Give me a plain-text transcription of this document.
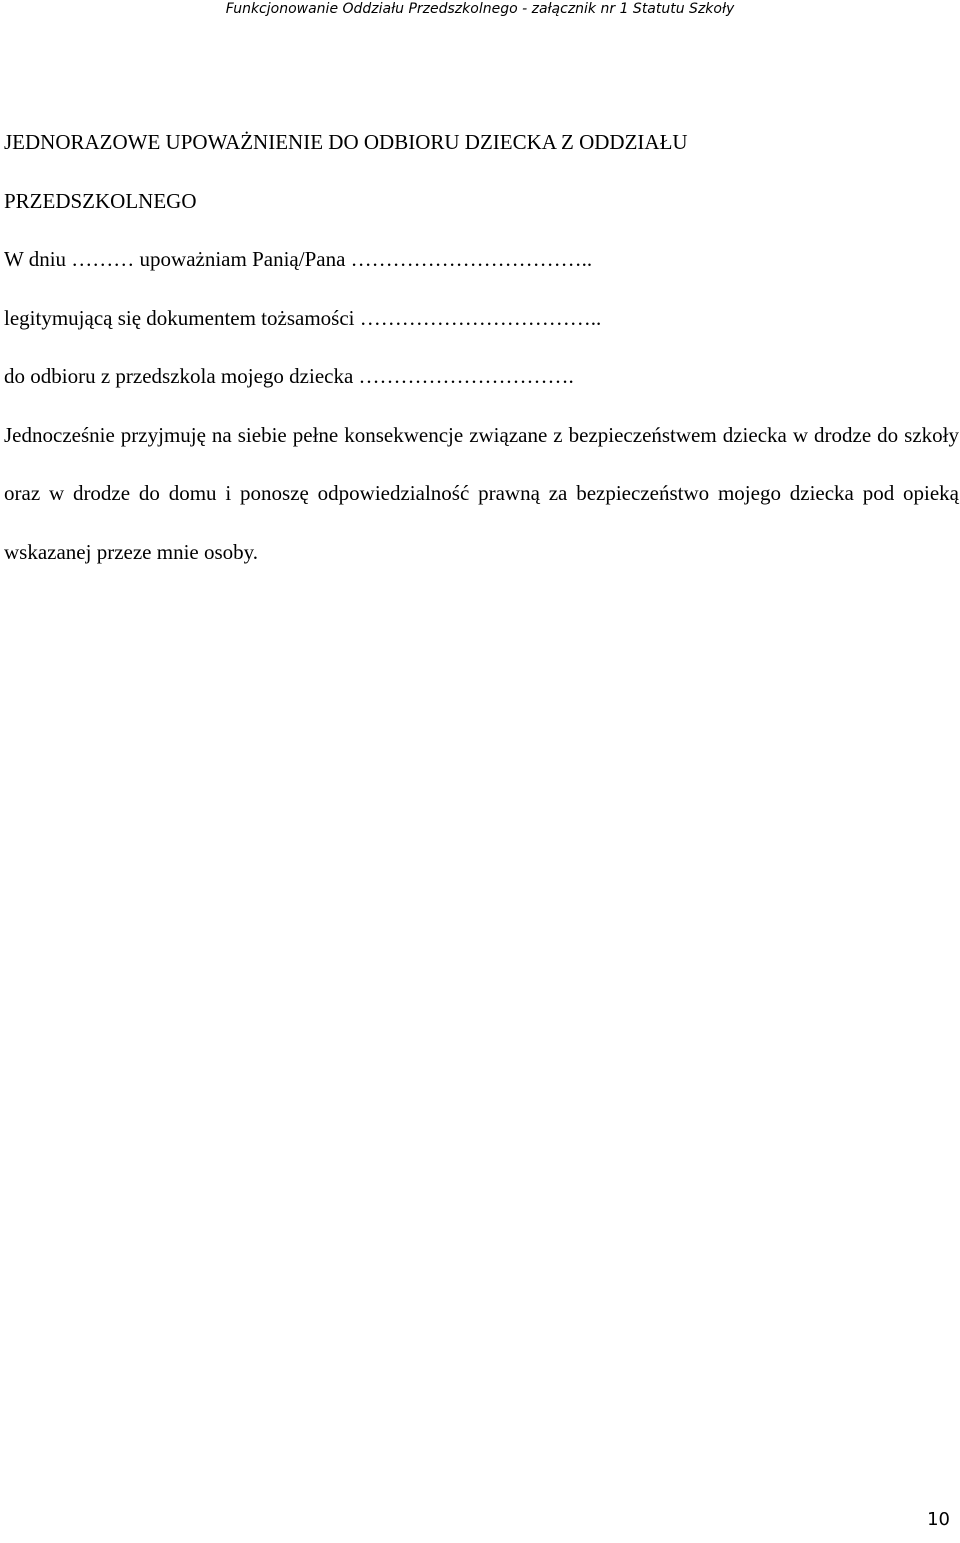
Funkcjonowanie Oddziału Przedszkolnego - załącznik nr 1 Statutu Szkoły
JEDNORAZOWE UPOWAŻNIENIE DO ODBIORU DZIECKA Z ODDZIAŁU
PRZEDSZKOLNEGO

W dniu ……… upoważniam Panią/Pana ……………………………..

legitymującą się dokumentem tożsamości ……………………………..

do odbioru z przedszkola mojego dziecka ………………………….

Jednocześnie przyjmuję na siebie pełne konsekwencje związane z bezpieczeństwem dziecka w drodze do szkoły oraz w drodze do domu i ponoszę odpowiedzialność prawną za bezpieczeństwo mojego dziecka pod opieką wskazanej przeze mnie osoby.

10
